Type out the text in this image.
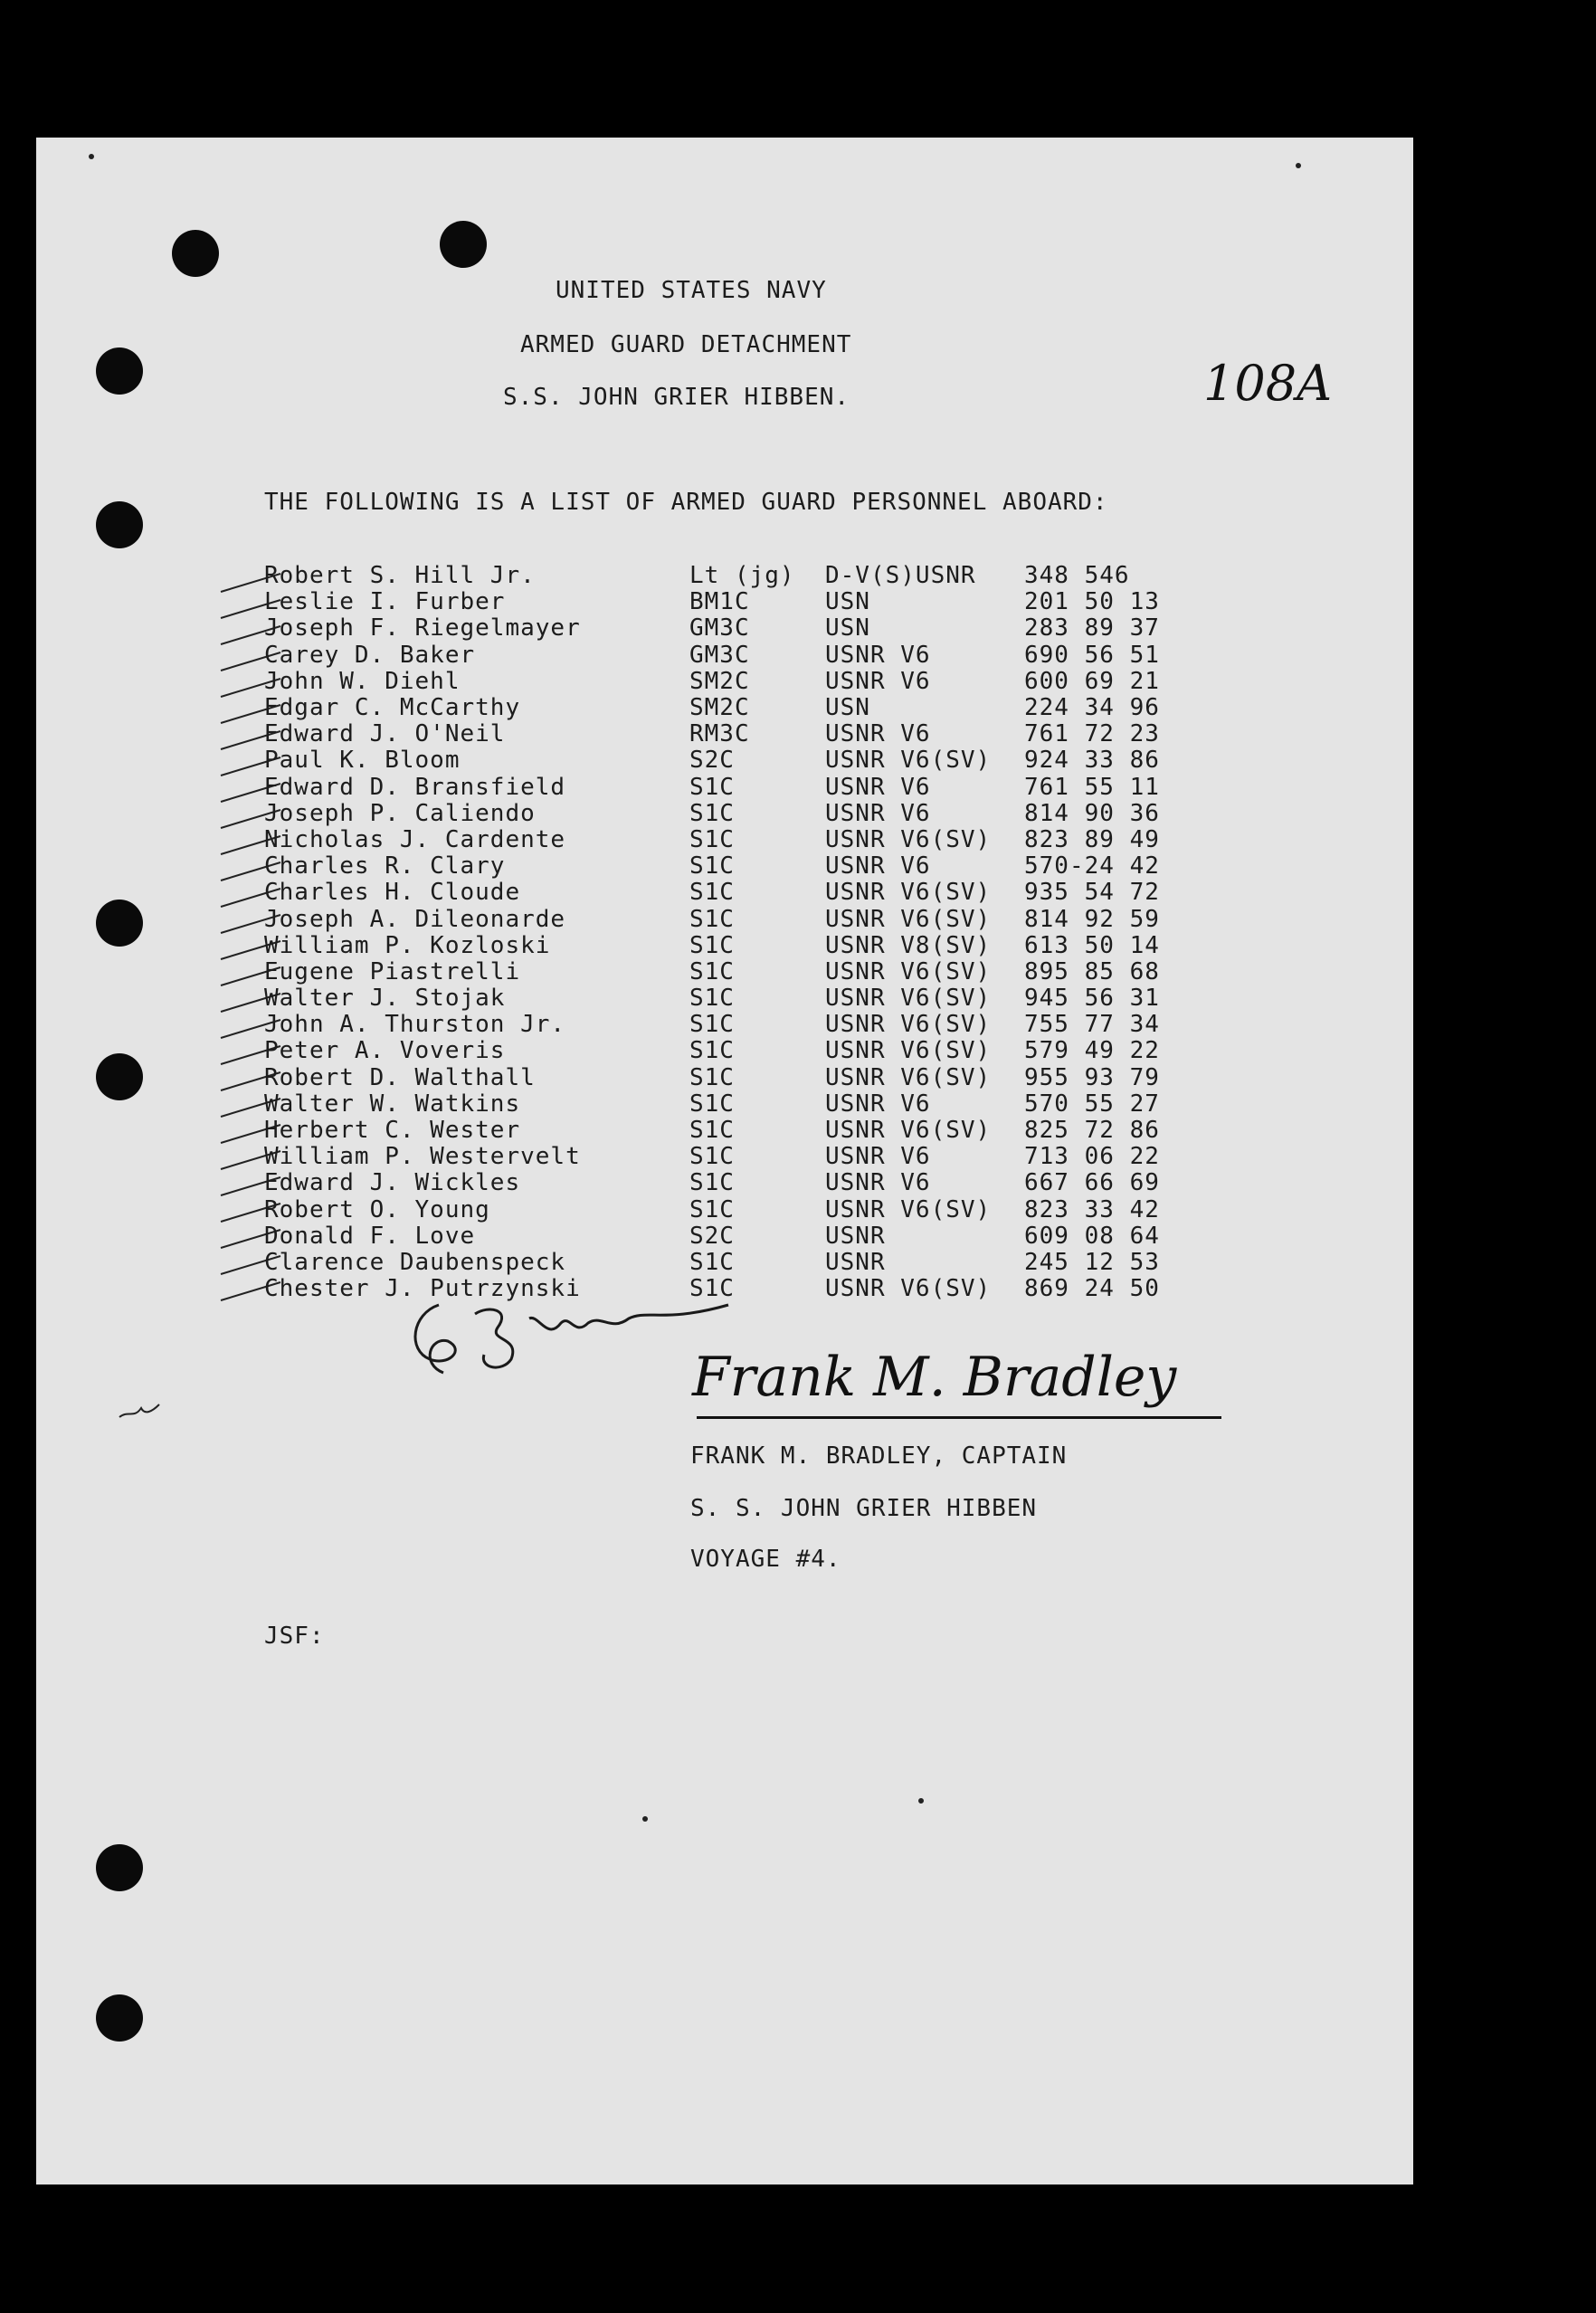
UNITED STATES NAVY
ARMED GUARD DETACHMENT
S.S. JOHN GRIER HIBBEN.	108A
THE FOLLOWING IS A LIST OF ARMED GUARD PERSONNEL ABOARD:
Robert S. Hill Jr.	Lt (jg)	D-V(S)USNR	348 546
Leslie I. Furber	BM1C	USN	201 50 13
Joseph F. Riegelmayer	GM3C	USN	283 89 37
Carey D. Baker	GM3C	USNR V6	690 56 51
John W. Diehl	SM2C	USNR V6	600 69 21
Edgar C. McCarthy	SM2C	USN	224 34 96
Edward J. O'Neil	RM3C	USNR V6	761 72 23
Paul K. Bloom	S2C	USNR V6(SV)	924 33 86
Edward D. Bransfield	S1C	USNR V6	761 55 11
Joseph P. Caliendo	S1C	USNR V6	814 90 36
Nicholas J. Cardente	S1C	USNR V6(SV)	823 89 49
Charles R. Clary	S1C	USNR V6	570-24 42
Charles H. Cloude	S1C	USNR V6(SV)	935 54 72
Joseph A. Dileonarde	S1C	USNR V6(SV)	814 92 59
William P. Kozloski	S1C	USNR V8(SV)	613 50 14
Eugene Piastrelli	S1C	USNR V6(SV)	895 85 68
Walter J. Stojak	S1C	USNR V6(SV)	945 56 31
John A. Thurston Jr.	S1C	USNR V6(SV)	755 77 34
Peter A. Voveris	S1C	USNR V6(SV)	579 49 22
Robert D. Walthall	S1C	USNR V6(SV)	955 93 79
Walter W. Watkins	S1C	USNR V6	570 55 27
Herbert C. Wester	S1C	USNR V6(SV)	825 72 86
William P. Westervelt	S1C	USNR V6	713 06 22
Edward J. Wickles	S1C	USNR V6	667 66 69
Robert O. Young	S1C	USNR V6(SV)	823 33 42
Donald F. Love	S2C	USNR	609 08 64
Clarence Daubenspeck	S1C	USNR	245 12 53
Chester J. Putrzynski	S1C	USNR V6(SV)	869 24 50
Frank M. Bradley
FRANK M. BRADLEY, CAPTAIN
S. S. JOHN GRIER HIBBEN
VOYAGE #4.
JSF:
